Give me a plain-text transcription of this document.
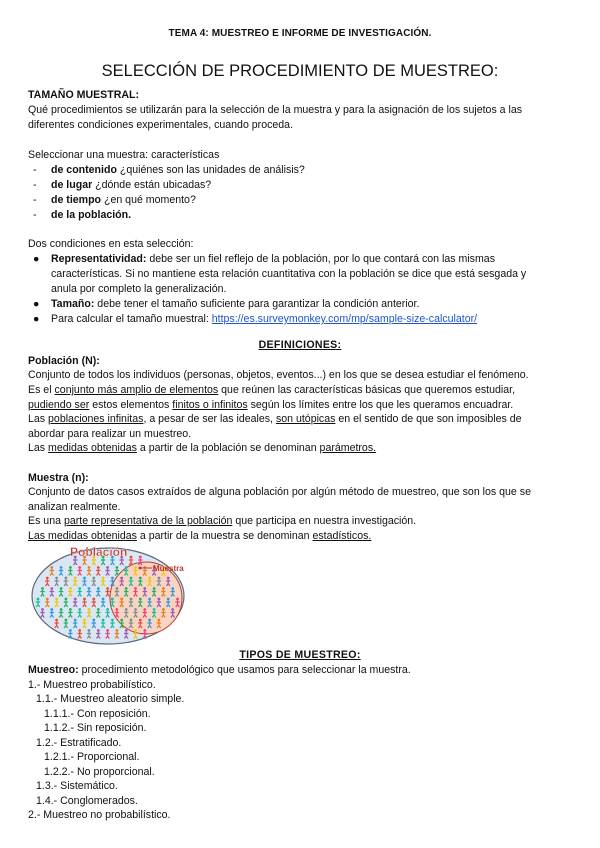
TEMA 4: MUESTREO E INFORME DE INVESTIGACIÓN.
SELECCIÓN DE PROCEDIMIENTO DE MUESTREO:
TAMAÑO MUESTRAL:
Qué procedimientos se utilizarán para la selección de la muestra y para la asignación de los sujetos a las
diferentes condiciones experimentales, cuando proceda.
Seleccionar una muestra: características
- de contenido ¿quiénes son las unidades de análisis?
- de lugar ¿dónde están ubicadas?
- de tiempo ¿en qué momento?
- de la población.
Dos condiciones en esta selección:
● Representatividad: debe ser un fiel reflejo de la población, por lo que contará con las mismas
características. Si no mantiene esta relación cuantitativa con la población se dice que está sesgada y
anula por completo la generalización.
● Tamaño: debe tener el tamaño suficiente para garantizar la condición anterior.
● Para calcular el tamaño muestral: https://es.surveymonkey.com/mp/sample-size-calculator/
DEFINICIONES:
Población (N):
Conjunto de todos los individuos (personas, objetos, eventos...) en los que se desea estudiar el fenómeno.
Es el conjunto más amplio de elementos que reúnen las características básicas que queremos estudiar,
pudiendo ser estos elementos finitos o infinitos según los límites entre los que les queramos encuadrar.
Las poblaciones infinitas, a pesar de ser las ideales, son utópicas en el sentido de que son imposibles de
abordar para realizar un muestreo.
Las medidas obtenidas a partir de la población se denominan parámetros.
Muestra (n):
Conjunto de datos casos extraídos de alguna población por algún método de muestreo, que son los que se
analizan realmente.
Es una parte representativa de la población que participa en nuestra investigación.
Las medidas obtenidas a partir de la muestra se denominan estadísticos.
Población
Muestra
TIPOS DE MUESTREO:
Muestreo: procedimiento metodológico que usamos para seleccionar la muestra.
1.- Muestreo probabilístico.
1.1.- Muestreo aleatorio simple.
1.1.1.- Con reposición.
1.1.2.- Sin reposición.
1.2.- Estratificado.
1.2.1.- Proporcional.
1.2.2.- No proporcional.
1.3.- Sistemático.
1.4.- Conglomerados.
2.- Muestreo no probabilístico.
